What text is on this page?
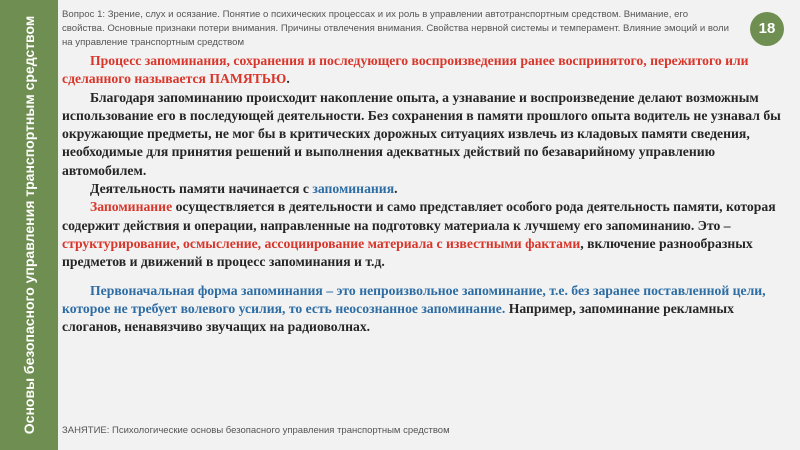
Основы безопасного управления транспортным средством
Вопрос 1: Зрение, слух и осязание. Понятие о психических процессах и их роль в управлении автотранспортным средством. Внимание, его свойства. Основные признаки потери внимания. Причины отвлечения внимания. Свойства нервной системы и темперамент. Влияние эмоций и воли на управление транспортным средством
18

Процесс запоминания, сохранения и последующего воспроизведения ранее воспринятого, пережитого или сделанного называется ПАМЯТЬЮ.

Благодаря запоминанию происходит накопление опыта, а узнавание и воспроизведение делают возможным использование его в последующей деятельности. Без сохранения в памяти прошлого опыта водитель не узнавал бы окружающие предметы, не мог бы в критических дорожных ситуациях извлечь из кладовых памяти сведения, необходимые для принятия решений и выполнения адекватных действий по безаварийному управлению автомобилем.

Деятельность памяти начинается с запоминания.

Запоминание осуществляется в деятельности и само представляет особого рода деятельность памяти, которая содержит действия и операции, направленные на подготовку материала к лучшему его запоминанию. Это – структурирование, осмысление, ассоциирование материала с известными фактами, включение разнообразных предметов и движений в процесс запоминания и т.д.

Первоначальная форма запоминания – это непроизвольное запоминание, т.е. без заранее поставленной цели, которое не требует волевого усилия, то есть неосознанное запоминание. Например, запоминание рекламных слоганов, ненавязчиво звучащих на радиоволнах.

ЗАНЯТИЕ: Психологические основы безопасного управления транспортным средством
